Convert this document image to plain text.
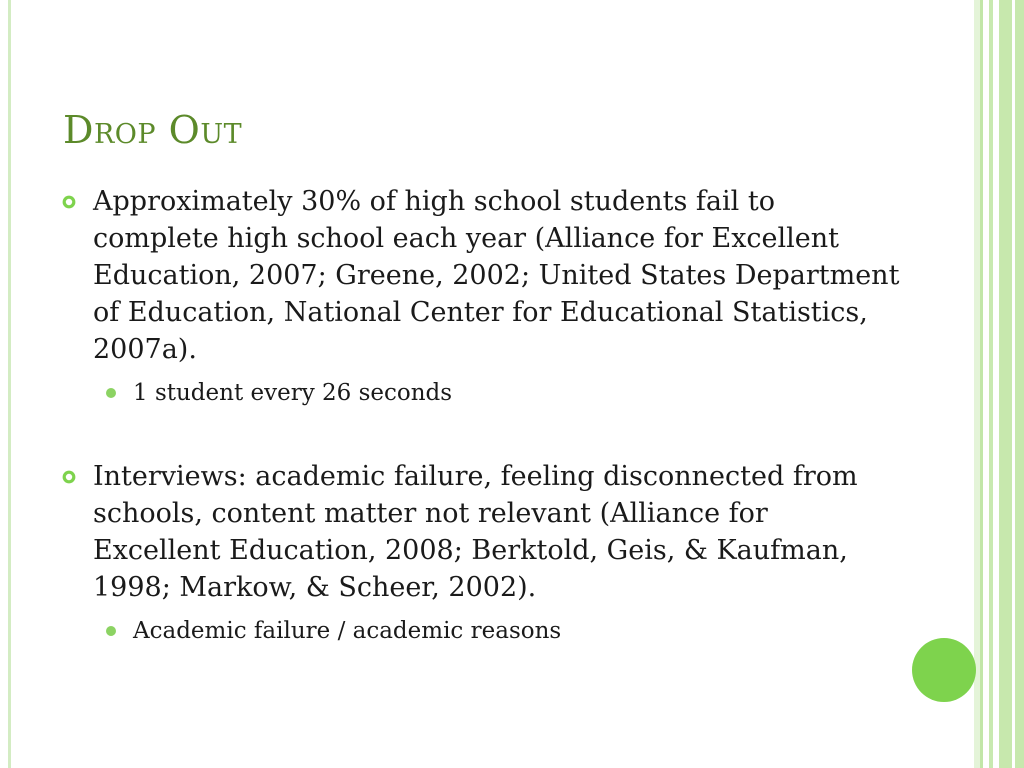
Drop Out
Approximately 30% of high school students fail to complete high school each year (Alliance for Excellent Education, 2007; Greene, 2002; United States Department of Education, National Center for Educational Statistics, 2007a).
1 student every 26 seconds
Interviews: academic failure, feeling disconnected from schools, content matter not relevant (Alliance for Excellent Education, 2008; Berktold, Geis, & Kaufman, 1998; Markow, & Scheer, 2002).
Academic failure / academic reasons
